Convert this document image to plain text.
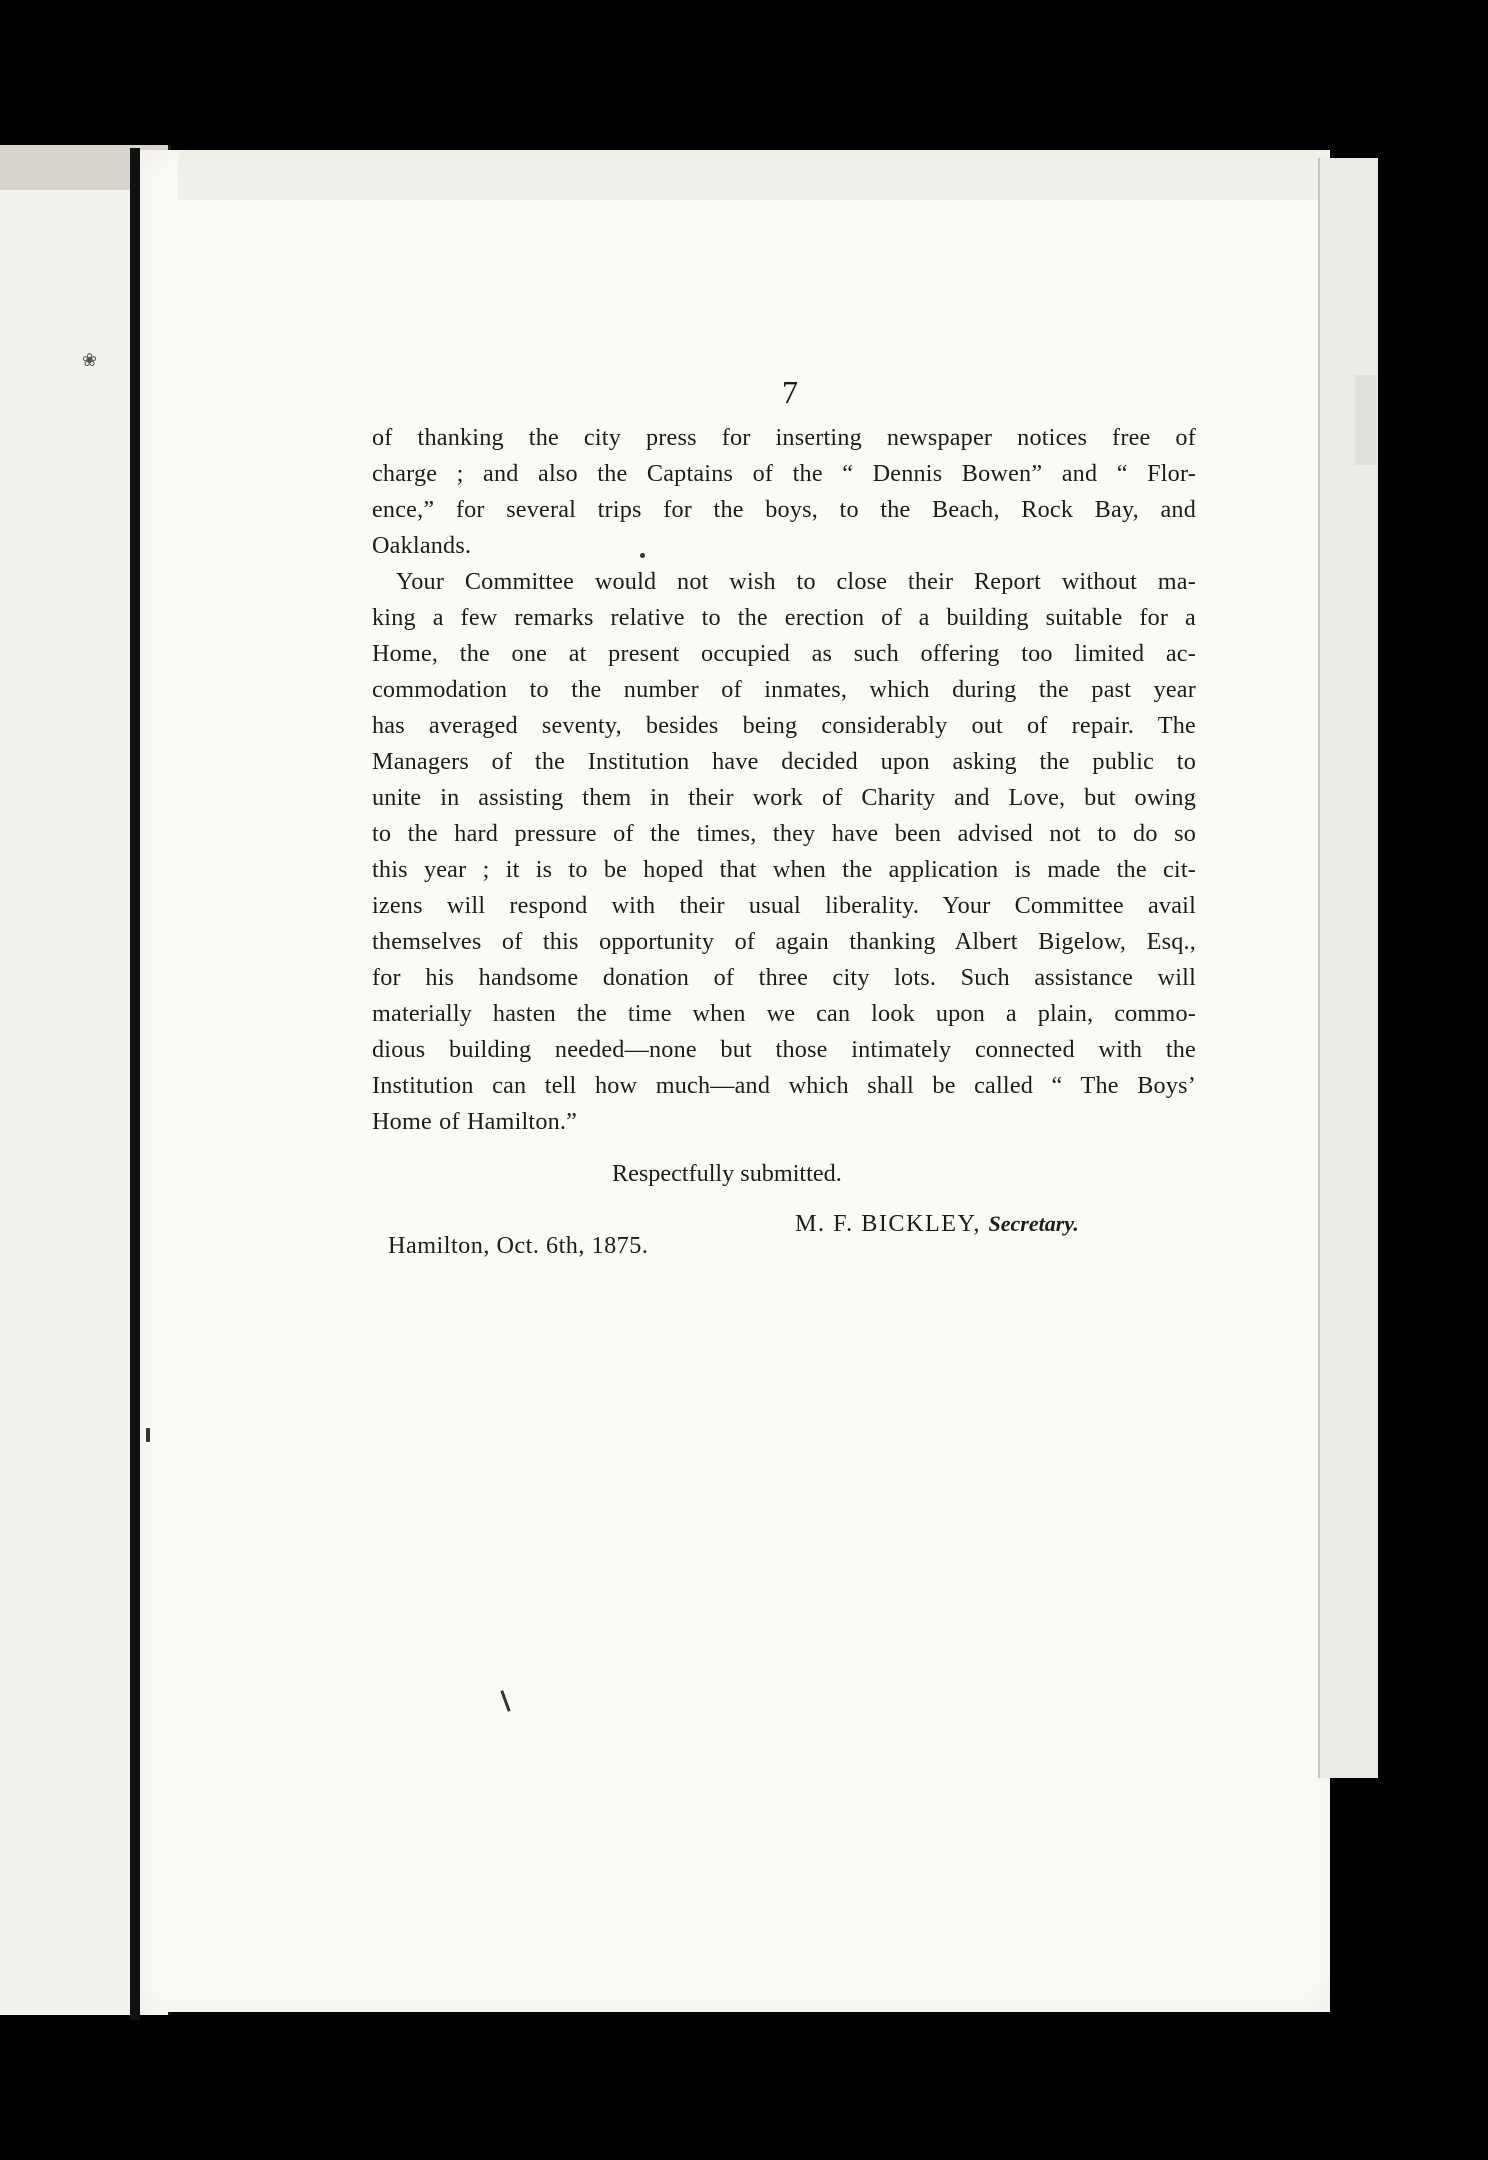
❀
7
of thanking the city press for inserting newspaper notices free of
charge ; and also the Captains of the “ Dennis Bowen” and “ Flor-
ence,” for several trips for the boys, to the Beach, Rock Bay, and
Oaklands.
Your Committee would not wish to close their Report without ma-
king a few remarks relative to the erection of a building suitable for a
Home, the one at present occupied as such offering too limited ac-
commodation to the number of inmates, which during the past year
has averaged seventy, besides being considerably out of repair. The
Managers of the Institution have decided upon asking the public to
unite in assisting them in their work of Charity and Love, but owing
to the hard pressure of the times, they have been advised not to do so
this year ; it is to be hoped that when the application is made the cit-
izens will respond with their usual liberality. Your Committee avail
themselves of this opportunity of again thanking Albert Bigelow, Esq.,
for his handsome donation of three city lots. Such assistance will
materially hasten the time when we can look upon a plain, commo-
dious building needed—none but those intimately connected with the
Institution can tell how much—and which shall be called “ The Boys’
Home of Hamilton.”
Respectfully submitted.
M. F. BICKLEY, Secretary.
Hamilton, Oct. 6th, 1875.
